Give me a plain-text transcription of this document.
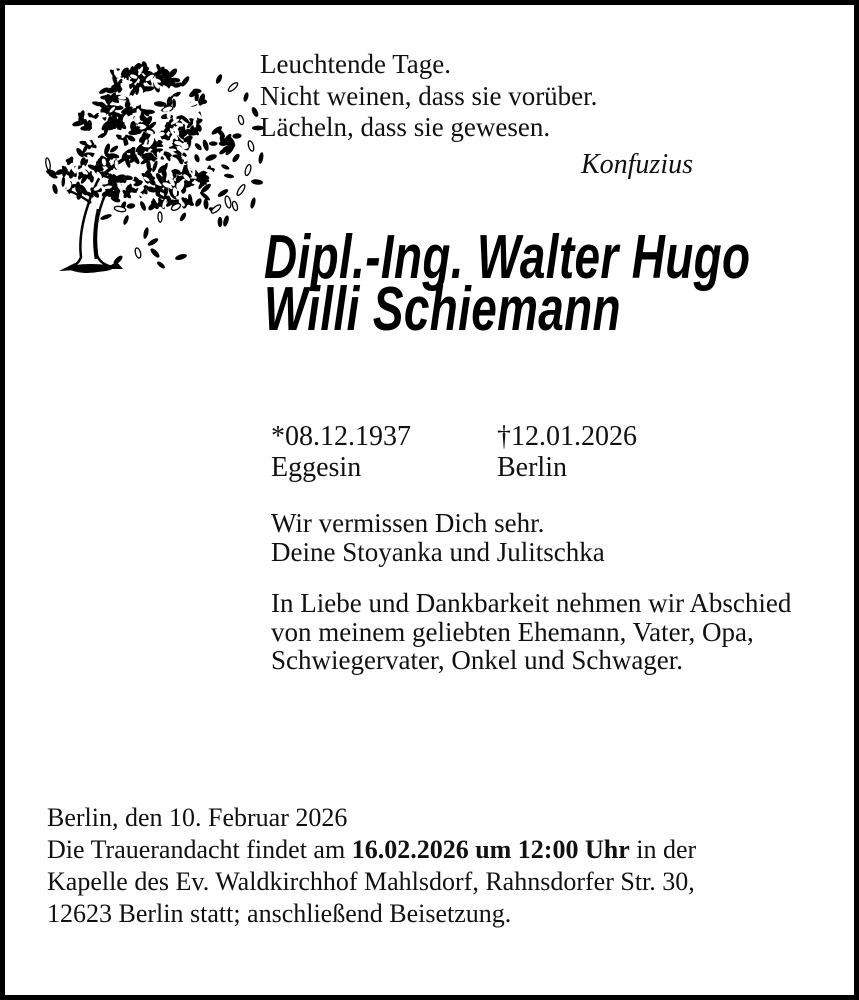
Leuchtende Tage.
Nicht weinen, dass sie vorüber.
Lächeln, dass sie gewesen.
Konfuzius
Dipl.-Ing. Walter Hugo
Willi Schiemann
*08.12.1937
Eggesin
†12.01.2026
Berlin
Wir vermissen Dich sehr.
Deine Stoyanka und Julitschka
In Liebe und Dankbarkeit nehmen wir Abschied
von meinem geliebten Ehemann, Vater, Opa,
Schwiegervater, Onkel und Schwager.
Berlin, den 10. Februar 2026
Die Trauerandacht findet am 16.02.2026 um 12:00 Uhr in der
Kapelle des Ev. Waldkirchhof Mahlsdorf, Rahnsdorfer Str. 30,
12623 Berlin statt; anschließend Beisetzung.
